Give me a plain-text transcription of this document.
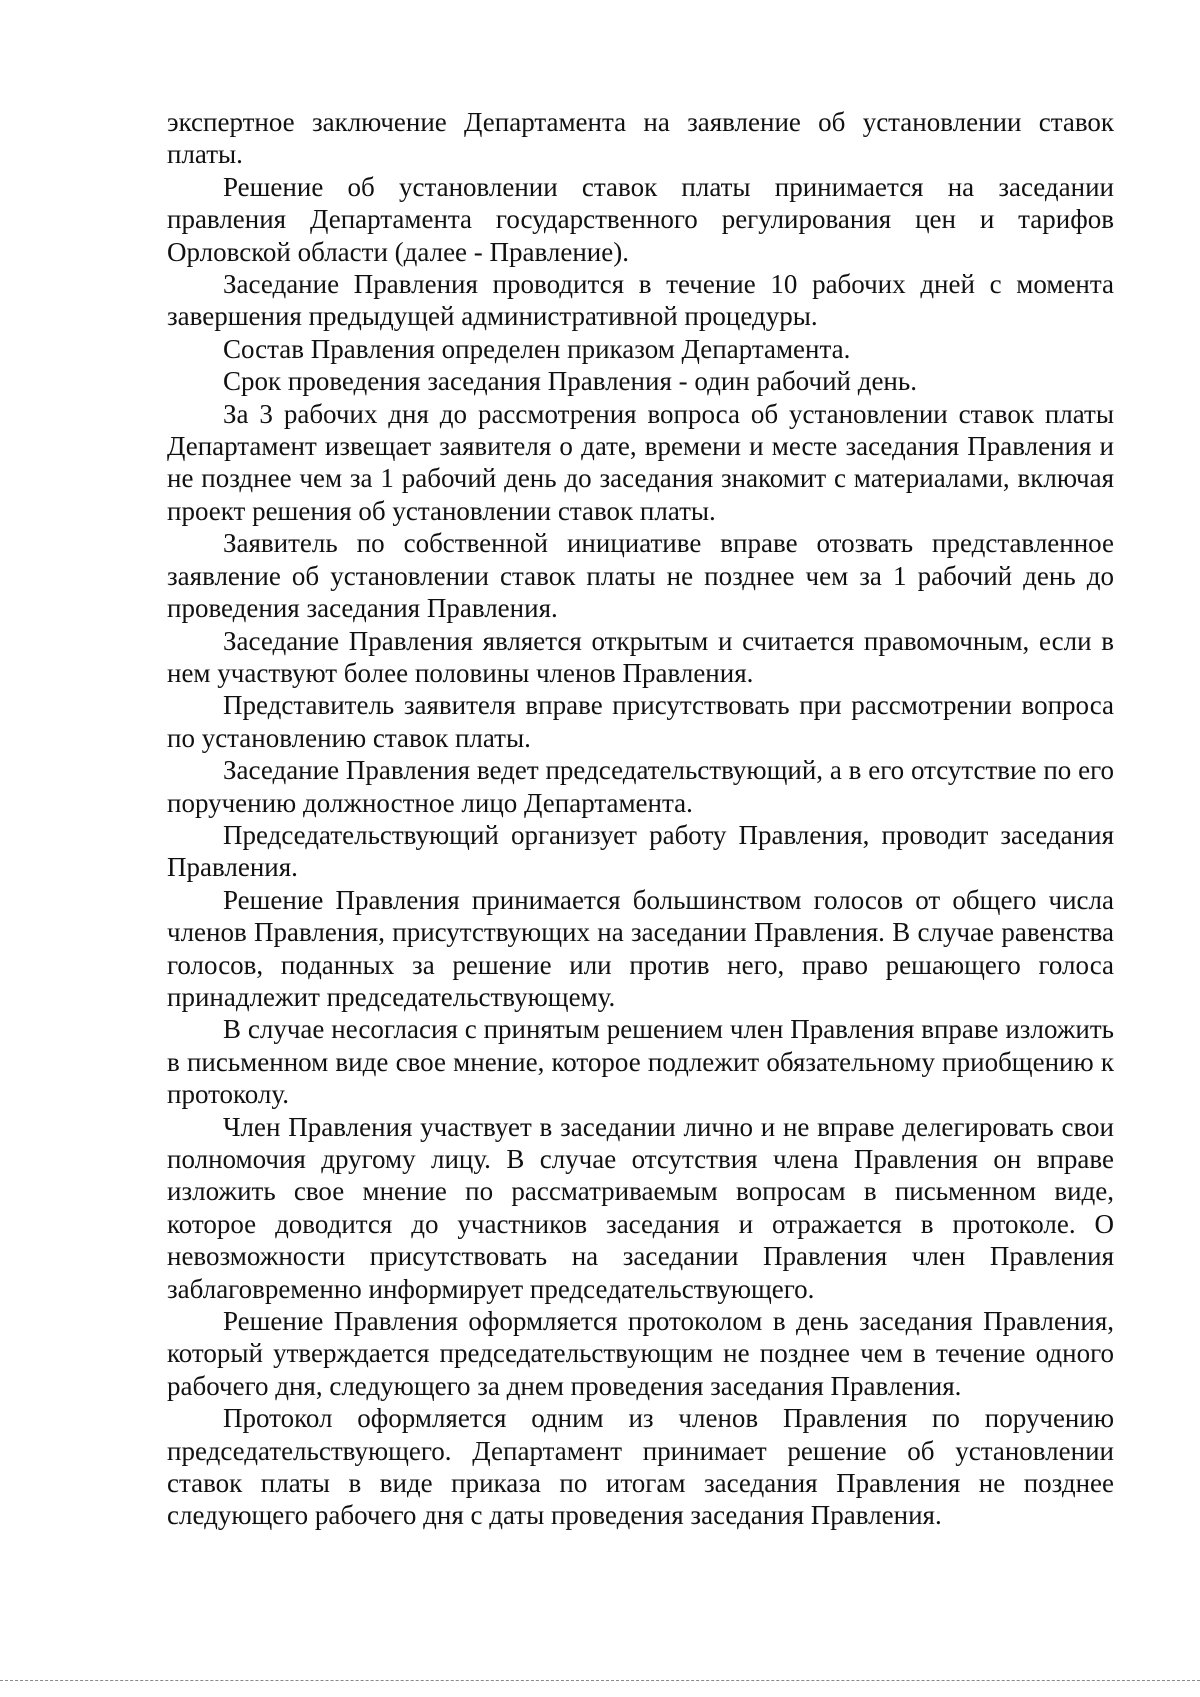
экспертное заключение Департамента на заявление об установлении ставок платы.

Решение об установлении ставок платы принимается на заседании правления Департамента государственного регулирования цен и тарифов Орловской области (далее - Правление).

Заседание Правления проводится в течение 10 рабочих дней с момента завершения предыдущей административной процедуры.

Состав Правления определен приказом Департамента.

Срок проведения заседания Правления - один рабочий день.

За 3 рабочих дня до рассмотрения вопроса об установлении ставок платы Департамент извещает заявителя о дате, времени и месте заседания Правления и не позднее чем за 1 рабочий день до заседания знакомит с материалами, включая проект решения об установлении ставок платы.

Заявитель по собственной инициативе вправе отозвать представленное заявление об установлении ставок платы не позднее чем за 1 рабочий день до проведения заседания Правления.

Заседание Правления является открытым и считается правомочным, если в нем участвуют более половины членов Правления.

Представитель заявителя вправе присутствовать при рассмотрении вопроса по установлению ставок платы.

Заседание Правления ведет председательствующий, а в его отсутствие по его поручению должностное лицо Департамента.

Председательствующий организует работу Правления, проводит заседания Правления.

Решение Правления принимается большинством голосов от общего числа членов Правления, присутствующих на заседании Правления. В случае равенства голосов, поданных за решение или против него, право решающего голоса принадлежит председательствующему.

В случае несогласия с принятым решением член Правления вправе изложить в письменном виде свое мнение, которое подлежит обязательному приобщению к протоколу.

Член Правления участвует в заседании лично и не вправе делегировать свои полномочия другому лицу. В случае отсутствия члена Правления он вправе изложить свое мнение по рассматриваемым вопросам в письменном виде, которое доводится до участников заседания и отражается в протоколе. О невозможности присутствовать на заседании Правления член Правления заблаговременно информирует председательствующего.

Решение Правления оформляется протоколом в день заседания Правления, который утверждается председательствующим не позднее чем в течение одного рабочего дня, следующего за днем проведения заседания Правления.

Протокол оформляется одним из членов Правления по поручению председательствующего. Департамент принимает решение об установлении ставок платы в виде приказа по итогам заседания Правления не позднее следующего рабочего дня с даты проведения заседания Правления.
